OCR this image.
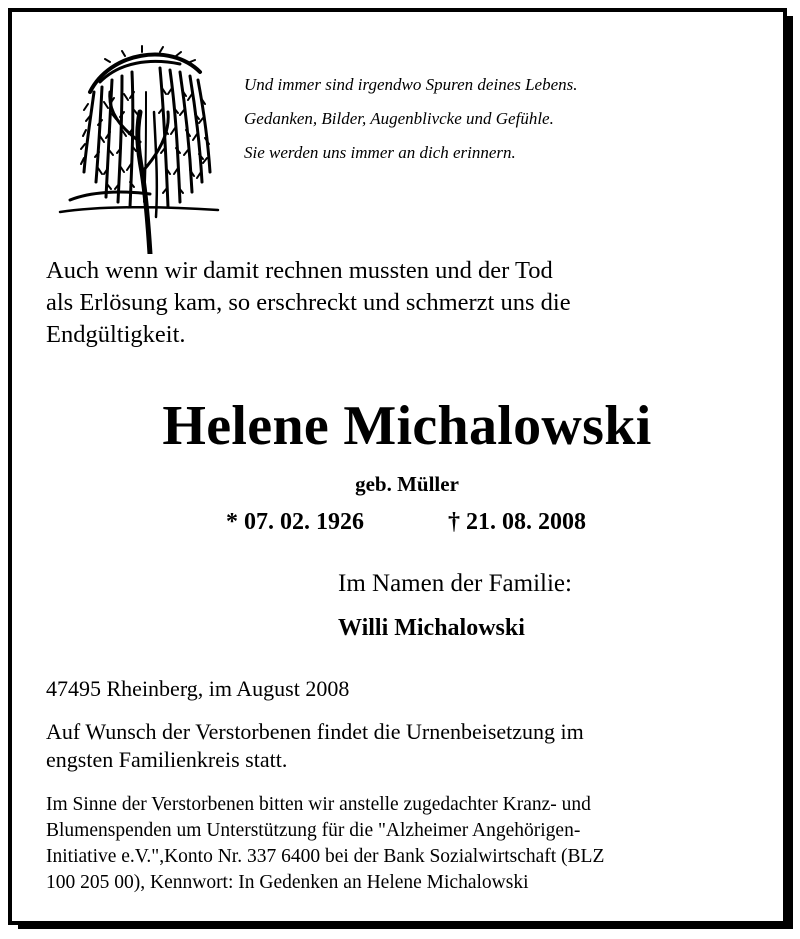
Und immer sind irgendwo Spuren deines Lebens.
Gedanken, Bilder, Augenblivcke und Gefühle.
Sie werden uns immer an dich erinnern.
Auch wenn wir damit rechnen mussten und der Tod
als Erlösung kam, so erschreckt und schmerzt uns die
Endgültigkeit.
Helene Michalowski
geb. Müller
* 07. 02. 1926	† 21. 08. 2008
Im Namen der Familie:
Willi Michalowski
47495 Rheinberg, im August 2008
Auf Wunsch der Verstorbenen findet die Urnenbeisetzung im
engsten Familienkreis statt.
Im Sinne der Verstorbenen bitten wir anstelle zugedachter Kranz- und
Blumenspenden um Unterstützung für die "Alzheimer Angehörigen-
Initiative e.V.",Konto Nr. 337 6400 bei der Bank Sozialwirtschaft (BLZ
100 205 00), Kennwort: In Gedenken an Helene Michalowski
